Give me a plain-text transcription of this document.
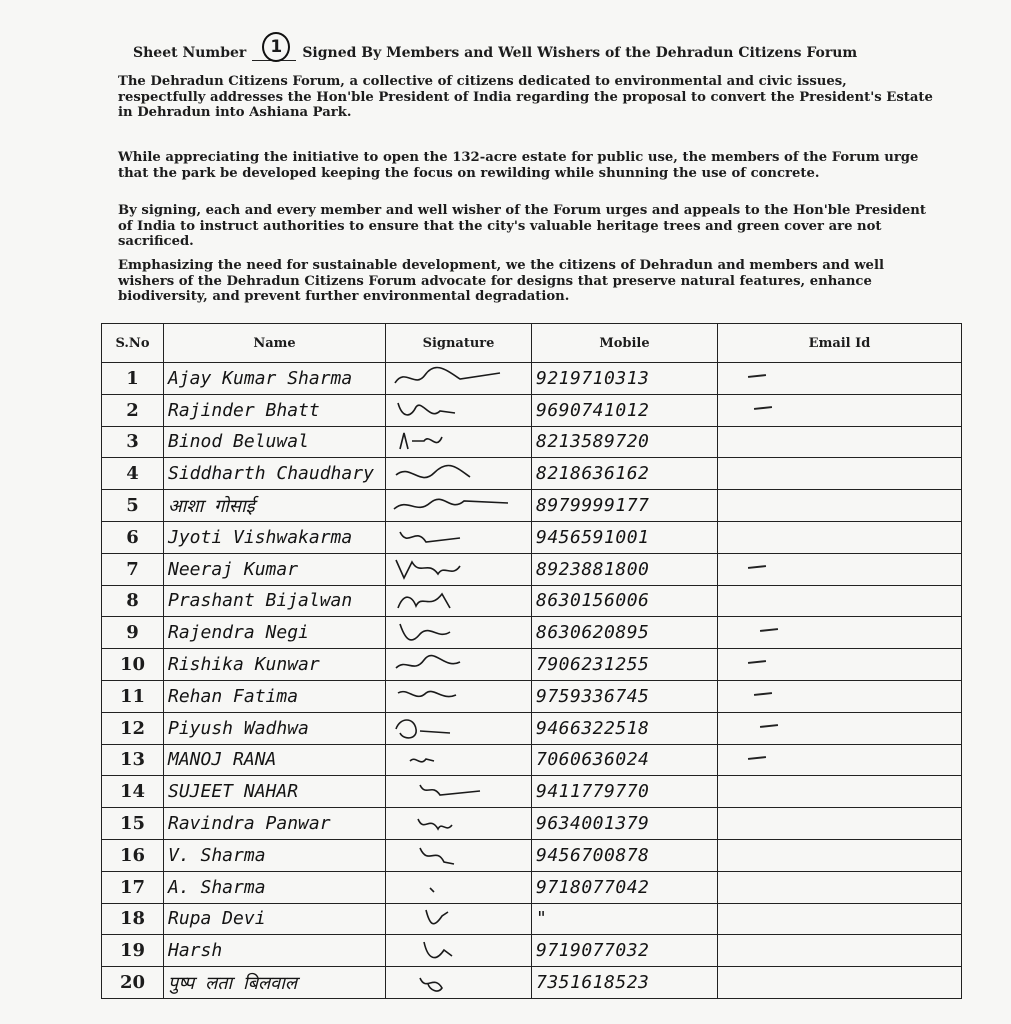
Sheet Number	1	Signed By Members and Well Wishers of the Dehradun Citizens Forum
The Dehradun Citizens Forum, a collective of citizens dedicated to environmental and civic issues, respectfully addresses the Hon'ble President of India regarding the proposal to convert the President's Estate in Dehradun into Ashiana Park.
While appreciating the initiative to open the 132-acre estate for public use, the members of the Forum urge that the park be developed keeping the focus on rewilding while shunning the use of concrete.
By signing, each and every member and well wisher of the Forum urges and appeals to the Hon'ble President of India to instruct authorities to ensure that the city's valuable heritage trees and green cover are not sacrificed.
Emphasizing the need for sustainable development, we the citizens of Dehradun and members and well wishers of the Dehradun Citizens Forum advocate for designs that preserve natural features, enhance biodiversity, and prevent further environmental degradation.
S.No	Name	Signature	Mobile	Email Id
1	Ajay Kumar Sharma		9219710313	

2	Rajinder Bhatt		9690741012	

3	Binod Beluwal		8213589720	
4	Siddharth Chaudhary		8218636162	
5	आशा गोसाई		8979999177	
6	Jyoti Vishwakarma		9456591001	
7	Neeraj Kumar		8923881800	

8	Prashant Bijalwan		8630156006	
9	Rajendra Negi		8630620895	

10	Rishika Kunwar		7906231255	

11	Rehan Fatima		9759336745	

12	Piyush Wadhwa		9466322518	

13	MANOJ RANA		7060636024	

14	SUJEET NAHAR		9411779770	
15	Ravindra Panwar		9634001379	
16	V. Sharma		9456700878	
17	A. Sharma		9718077042	
18	Rupa Devi		"	
19	Harsh		9719077032	
20	पुष्प लता बिलवाल		7351618523	
